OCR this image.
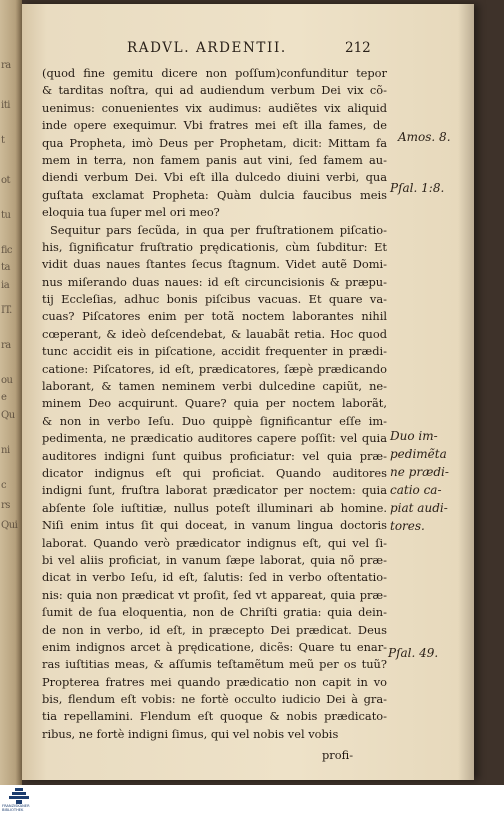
ra
iti
t
ot
tu
fic
ta
ia
IT.
ra
ou
e
Qu
ni
c
rs
Qui
RADVL. ARDENTII.	212
(quod fine gemitu dicere non poſſum)confunditur tepor
& tarditas noſtra, qui ad audiendum verbum Dei vix cõ-
uenimus: conuenientes vix audimus: audiẽtes vix aliquid
inde opere exequimur. Vbi fratres mei eſt illa fames, de
qua Propheta, imò Deus per Prophetam, dicit: Mittam fa
mem in terra, non famem panis aut vini, ſed famem au-
diendi verbum Dei. Vbi eſt illa dulcedo diuini verbi, qua
guſtata exclamat Propheta: Quàm dulcia faucibus meis
eloquia tua ſuper mel ori meo?
Sequitur pars ſecũda, in qua per fruſtrationem piſcatio-
his, ſignificatur fruſtratio prędicationis, cùm ſubditur: Et
vidit duas naues ſtantes ſecus ſtagnum. Videt autẽ Domi-
nus miſerando duas naues: id eſt circuncisionis & præpu-
tij Eccleſias, adhuc bonis piſcibus vacuas. Et quare va-
cuas? Piſcatores enim per totã noctem laborantes nihil
cœperant, & ideò deſcendebat, & lauabãt retia. Hoc quod
tunc accidit eis in piſcatione, accidit frequenter in prædi-
catione: Piſcatores, id eſt, prædicatores, ſæpè prædicando
laborant, & tamen neminem verbi dulcedine capiũt, ne-
minem Deo acquirunt. Quare? quia per noctem laborãt,
& non in verbo Ieſu. Duo quippè ſignificantur eſſe im-
pedimenta, ne prædicatio auditores capere poſſit: vel quia
auditores indigni ſunt quibus proficiatur: vel quia præ-
dicator indignus eſt qui proficiat. Quando auditores
indigni ſunt, fruſtra laborat prædicator per noctem: quia
abſente ſole iuſtitiæ, nullus poteſt illuminari ab homine.
Niſi enim intus ſit qui doceat, in vanum lingua doctoris
laborat. Quando verò prædicator indignus eſt, qui vel ſi-
bi vel aliis proficiat, in vanum ſæpe laborat, quia nõ præ-
dicat in verbo Ieſu, id eſt, ſalutis: ſed in verbo oſtentatio-
nis: quia non prædicat vt proſit, ſed vt appareat, quia præ-
ſumit de ſua eloquentia, non de Chriſti gratia: quia dein-
de non in verbo, id eſt, in præcepto Dei prædicat. Deus
enim indignos arcet à prędicatione, dicẽs: Quare tu enar-
ras iuſtitias meas, & aſſumis teſtamẽtum meũ per os tuũ?
Propterea fratres mei quando prædicatio non capit in vo
bis, flendum eſt vobis: ne fortè occulto iudicio Dei à gra-
tia repellamini. Flendum eſt quoque & nobis prædicato-
ribus, ne fortè indigni ſimus, qui vel nobis vel vobis
Amos. 8.
Pſal. 1:8.
Duo im-
pedimẽta
ne prædi-
catio ca-
piat audi-
tores.
Pſal. 49.
profi-
FRANZISKANER BIBLIOTHEK
